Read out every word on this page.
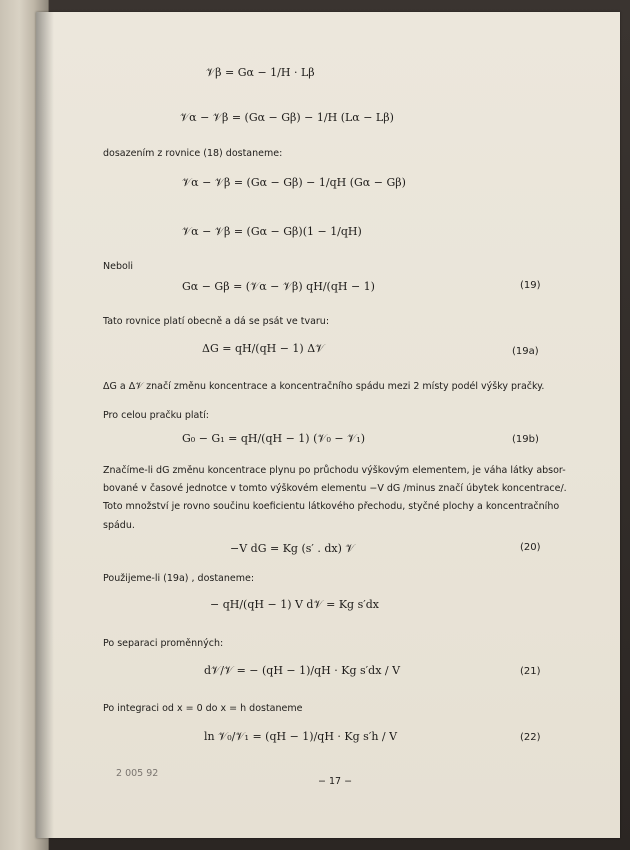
𝒱β = Gα − 1/H · Lβ
𝒱α − 𝒱β = (Gα − Gβ) − 1/H (Lα − Lβ)
dosazením z rovnice (18) dostaneme:
𝒱α − 𝒱β = (Gα − Gβ) − 1/qH (Gα − Gβ)
𝒱α − 𝒱β = (Gα − Gβ)(1 − 1/qH)
Neboli
Gα − Gβ = (𝒱α − 𝒱β) qH/(qH − 1)	(19)
Tato rovnice platí obecně a dá se psát ve tvaru:
ΔG = qH/(qH − 1) Δ𝒱	(19a)
ΔG a Δ𝒱 značí změnu koncentrace a koncentračního spádu mezi 2 místy podél výšky pračky.
Pro celou pračku platí:
G₀ − G₁ = qH/(qH − 1) (𝒱₀ − 𝒱₁)	(19b)
Značíme-li dG změnu koncentrace plynu po průchodu výškovým elementem, je váha látky absor-
bované v časové jednotce v tomto výškovém elementu −V dG /minus značí úbytek koncentrace/.
Toto množství je rovno součinu koeficientu látkového přechodu, styčné plochy a koncentračního
spádu.
−V dG = Kg (s′ . dx) 𝒱	(20)
Použijeme-li (19a) , dostaneme:
− qH/(qH − 1) V d𝒱 = Kg s′dx
Po separaci proměnných:
d𝒱/𝒱 = − (qH − 1)/qH · Kg s′dx / V	(21)
Po integraci od x = 0 do x = h dostaneme
ln 𝒱₀/𝒱₁ = (qH − 1)/qH · Kg s′h / V	(22)
2 005 92
− 17 −
